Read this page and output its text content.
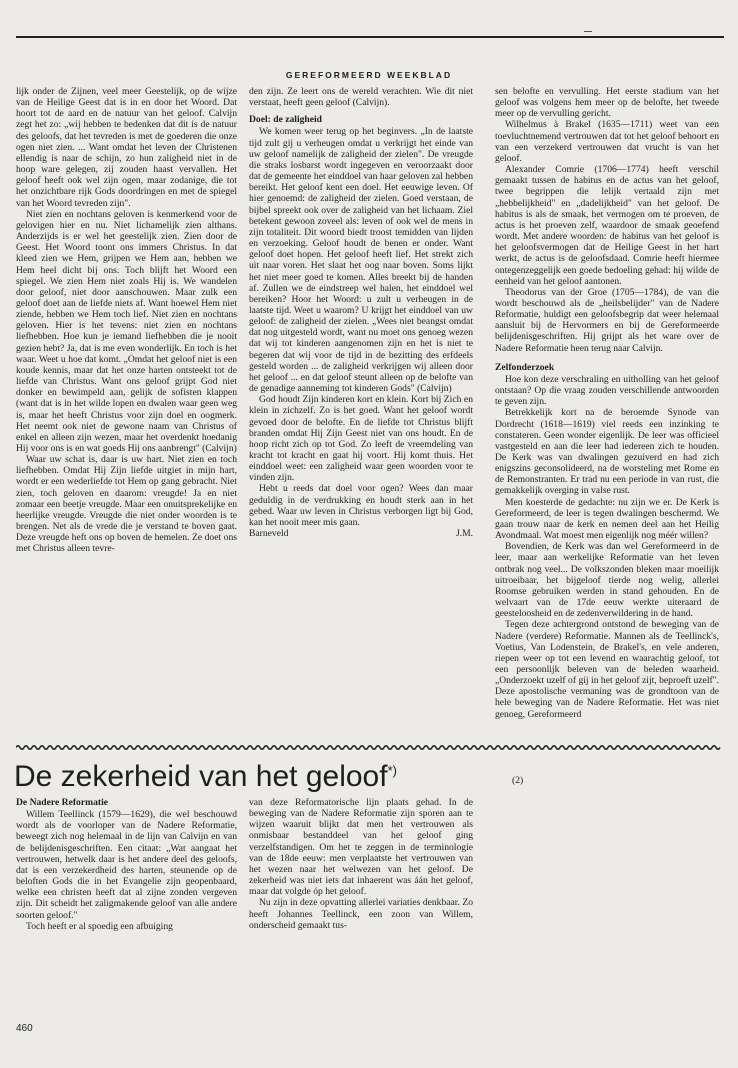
GEREFORMEERD WEEKBLAD

lijk onder de Zijnen, veel meer Geestelijk, op de wijze van de Heilige Geest dat is in en door het Woord. Dat hoort tot de aard en de natuur van het geloof. Calvijn zegt het zo: „wij hebben te bedenken dat dit is de natuur des geloofs, dat het tevreden is met de goederen die onze ogen niet zien. ... Want omdat het leven der Christenen ellendig is naar de schijn, zo hun zaligheid niet in de hoop ware gelegen, zij zouden haast vervallen. Het geloof heeft ook wel zijn ogen, maar zodanige, die tot het onzichtbare rijk Gods doordringen en met de spiegel van het Woord tevreden zijn".

Niet zien en nochtans geloven is kenmerkend voor de gelovigen hier en nu. Niet lichamelijk zien althans. Anderzijds is er wel het geestelijk zien. Zien door de Geest. Het Woord toont ons immers Christus. In dat kleed zien we Hem, grijpen we Hem aan, hebben we Hem heel dicht bij ons. Toch blijft het Woord een spiegel. We zien Hem niet zoals Hij is. We wandelen door geloof, niet door aanschouwen. Maar zulk een geloof doet aan de liefde niets af. Want hoewel Hem niet ziende, hebben we Hem toch lief. Niet zien en nochtans geloven. Hier is het tevens: niet zien en nochtans liefhebben. Hoe kun je iemand liefhebben die je nooit gezien hebt? Ja, dat is me even wonderlijk. En toch is het waar. Weet u hoe dat komt. „Omdat het geloof niet is een koude kennis, maar dat het onze harten ontsteekt tot de liefde van Christus. Want ons geloof grijpt God niet donker en bewimpeld aan, gelijk de sofisten klappen (want dat is in het wilde lopen en dwalen waar geen weg is, maar het heeft Christus voor zijn doel en oogmerk. Het neemt ook niet de gewone naam van Christus of enkel en alleen zijn wezen, maar het overdenkt hoedanig Hij voor ons is en wat goeds Hij ons aanbrengt" (Calvijn)

Waar uw schat is, daar is uw hart. Niet zien en toch liefhebben. Omdat Hij Zijn liefde uitgiet in mijn hart, wordt er een wederliefde tot Hem op gang gebracht. Niet zien, toch geloven en daarom: vreugde! Ja en niet zomaar een beetje vreugde. Maar een onuitsprekelijke en heerlijke vreugde. Vreugde die niet onder woorden is te brengen. Net als de vrede die je verstand te boven gaat. Deze vreugde heft ons op boven de hemelen. Ze doet ons met Christus alleen tevre-

den zijn. Ze leert ons de wereld verachten. Wie dit niet verstaat, heeft geen geloof (Calvijn).

Doel: de zaligheid

We komen weer terug op het beginvers. „In de laatste tijd zult gij u verheugen omdat u verkrijgt het einde van uw geloof namelijk de zaligheid der zielen". De vreugde die straks losbarst wordt ingegeven en veroorzaakt door dat de gemeente het einddoel van haar geloven zal hebben bereikt. Het geloof kent een doel. Het eeuwige leven. Of hier genoemd: de zaligheid der zielen. Goed verstaan, de bijbel spreekt ook over de zaligheid van het lichaam. Ziel betekent gewoon zoveel als: leven of ook wel de mens in zijn totaliteit. Dit woord biedt troost temidden van lijden en verzoeking. Geloof houdt de benen er onder. Want geloof doet hopen. Het geloof heeft lief. Het strekt zich uit naar voren. Het slaat het oog naar boven. Soms lijkt het niet meer goed te komen. Alles breekt bij de handen af. Zullen we de eindstreep wel halen, het einddoel wel bereiken? Hoor het Woord: u zult u verheugen in de laatste tijd. Weet u waarom? U krijgt het einddoel van uw geloof: de zaligheid der zielen. „Wees niet beangst omdat dat nog uitgesteld wordt, want nu moet ons genoeg wezen dat wij tot kinderen aangenomen zijn en het is niet te begeren dat wij voor de tijd in de bezitting des erfdeels gesteld worden ... de zaligheid verkrijgen wij alleen door het geloof ... en dat geloof steunt alleen op de belofte van de genadige aanneming tot kinderen Gods" (Calvijn)

God houdt Zijn kinderen kort en klein. Kort bij Zich en klein in zichzelf. Zo is het goed. Want het geloof wordt gevoed door de belofte. En de liefde tot Christus blijft branden omdat Hij Zijn Geest niet van ons houdt. En de hoop richt zich op tot God. Zo leeft de vreemdeling van kracht tot kracht en gaat hij voort. Hij komt thuis. Het einddoel weet: een zaligheid waar geen woorden voor te vinden zijn.

Hebt u reeds dat doel voor ogen? Wees dan maar geduldig in de verdrukking en houdt sterk aan in het gebed. Waar uw leven in Christus verborgen ligt bij God, kan het nooit meer mis gaan.

Barneveld	J.M.

sen belofte en vervulling. Het eerste stadium van het geloof was volgens hem meer op de belofte, het tweede meer op de vervulling gericht.

Wilhelmus à Brakel (1635—1711) weet van een toevluchtnemend vertrouwen dat tot het geloof behoort en van een verzekerd vertrouwen dat vrucht is van het geloof.

Alexander Comrie (1706—1774) heeft verschil gemaakt tussen de habitus en de actus van het geloof, twee begrippen die lelijk vertaald zijn met „hebbelijkheid" en „dadelijkheid" van het geloof. De habitus is als de smaak, het vermogen om te proeven, de actus is het proeven zelf, waardoor de smaak geoefend wordt. Met andere woorden: de habitus van het geloof is het geloofsvermogen dat de Heilige Geest in het hart werkt, de actus is de geloofsdaad. Comrie heeft hiermee ontegenzeggelijk een goede bedoeling gehad: hij wilde de eenheid van het geloof aantonen.

Theodorus van der Groe (1705—1784), de van die wordt beschouwd als de „heilsbelijder" van de Nadere Reformatie, huldigt een geloofsbegrip dat weer helemaal aansluit bij de Hervormers en bij de Gereformeerde belijdenisgeschriften. Hij grijpt als het ware over de Nadere Reformatie heen terug naar Calvijn.

Zelfonderzoek

Hoe kon deze verschraling en uitholling van het geloof ontstaan? Op die vraag zouden verschillende antwoorden te geven zijn.

Betrekkelijk kort na de beroemde Synode van Dordrecht (1618—1619) viel reeds een inzinking te constateren. Geen wonder eigenlijk. De leer was officieel vastgesteld en aan die leer had iedereen zich te houden. De Kerk was van dwalingen gezuiverd en had zich enigszins geconsolideerd, na de worsteling met Rome en de Remonstranten. Er trad nu een periode in van rust, die gemakkelijk overging in valse rust.

Men koesterde de gedachte: nu zijn we er. De Kerk is Gereformeerd, de leer is tegen dwalingen beschermd. We gaan trouw naar de kerk en nemen deel aan het Heilig Avondmaal. Wat moest men eigenlijk nog méér willen?

Bovendien, de Kerk was dan wel Gereformeerd in de leer, maar aan werkelijke Reformatie van het leven ontbrak nog veel... De volkszonden bleken maar moeilijk uitroeibaar, het bijgeloof tierde nog welig, allerlei Roomse gebruiken werden in stand gehouden. En de welvaart van de 17de eeuw werkte uiteraard de geesteloosheid en de zedenverwildering in de hand.

Tegen deze achtergrond ontstond de beweging van de Nadere (verdere) Reformatie. Mannen als de Teellinck's, Voetius, Van Lodenstein, de Brakel's, en vele anderen, riepen weer op tot een levend en waarachtig geloof, tot een persoonlijk beleven van de beleden waarheid. „Onderzoekt uzelf of gij in het geloof zijt, beproeft uzelf". Deze apostolische vermaning was de grondtoon van de hele beweging van de Nadere Reformatie. Het was niet genoeg, Gereformeerd

De zekerheid van het geloof*)
(2)
De Nadere Reformatie

Willem Teellinck (1579—1629), die wel beschouwd wordt als de voorloper van de Nadere Reformatie, beweegt zich nog helemaal in de lijn van Calvijn en van de belijdenisgeschriften. Een citaat: „Wat aangaat het vertrouwen, hetwelk daar is het andere deel des geloofs, dat is een verzekerdheid des harten, steunende op de beloften Gods die in het Evangelie zijn geopenbaard, welke een christen heeft dat al zijne zonden vergeven zijn. Dit scheidt het zaligmakende geloof van alle andere soorten geloof."

Toch heeft er al spoedig een afbuiging

van deze Reformatorische lijn plaats gehad. In de beweging van de Nadere Reformatie zijn sporen aan te wijzen waaruit blijkt dat men het vertrouwen als onmisbaar bestanddeel van het geloof ging verzelfstandigen. Om het te zeggen in de terminologie van de 18de eeuw: men verplaatste het vertrouwen van het wezen naar het welwezen van het geloof. De zekerheid was niet iets dat inhaerent was áán het geloof, maar dat volgde óp het geloof.

Nu zijn in deze opvatting allerlei variaties denkbaar. Zo heeft Johannes Teellinck, een zoon van Willem, onderscheid gemaakt tus-

460
